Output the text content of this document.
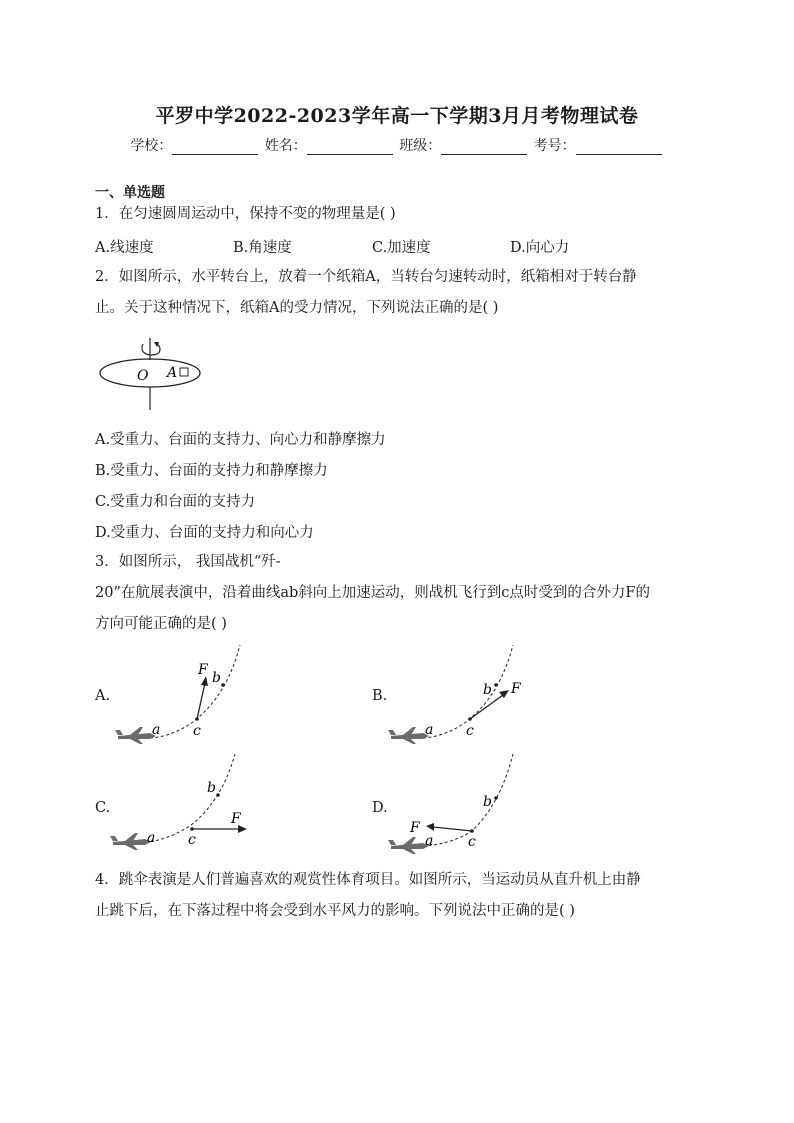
平罗中学2022-2023学年高一下学期3月月考物理试卷
学校：	姓名：	班级：	考号：
一、单选题
1．在匀速圆周运动中，保持不变的物理量是( )
A.线速度	B.角速度	C.加速度	D.向心力
2．如图所示，水平转台上，放着一个纸箱A，当转台匀速转动时，纸箱相对于转台静
止。关于这种情况下，纸箱A的受力情况，下列说法正确的是( )
O A
A.受重力、台面的支持力、向心力和静摩擦力
B.受重力、台面的支持力和静摩擦力
C.受重力和台面的支持力
D.受重力、台面的支持力和向心力
3．如图所示， 我国战机“歼-
20”在航展表演中，沿着曲线ab斜向上加速运动，则战机飞行到c点时受到的合外力F的
方向可能正确的是( )
A.
a c
b
F
B.
a c
b F
C.
a c
b
F
D.
a c
b
F
4．跳伞表演是人们普遍喜欢的观赏性体育项目。如图所示，当运动员从直升机上由静
止跳下后，在下落过程中将会受到水平风力的影响。下列说法中正确的是( )
